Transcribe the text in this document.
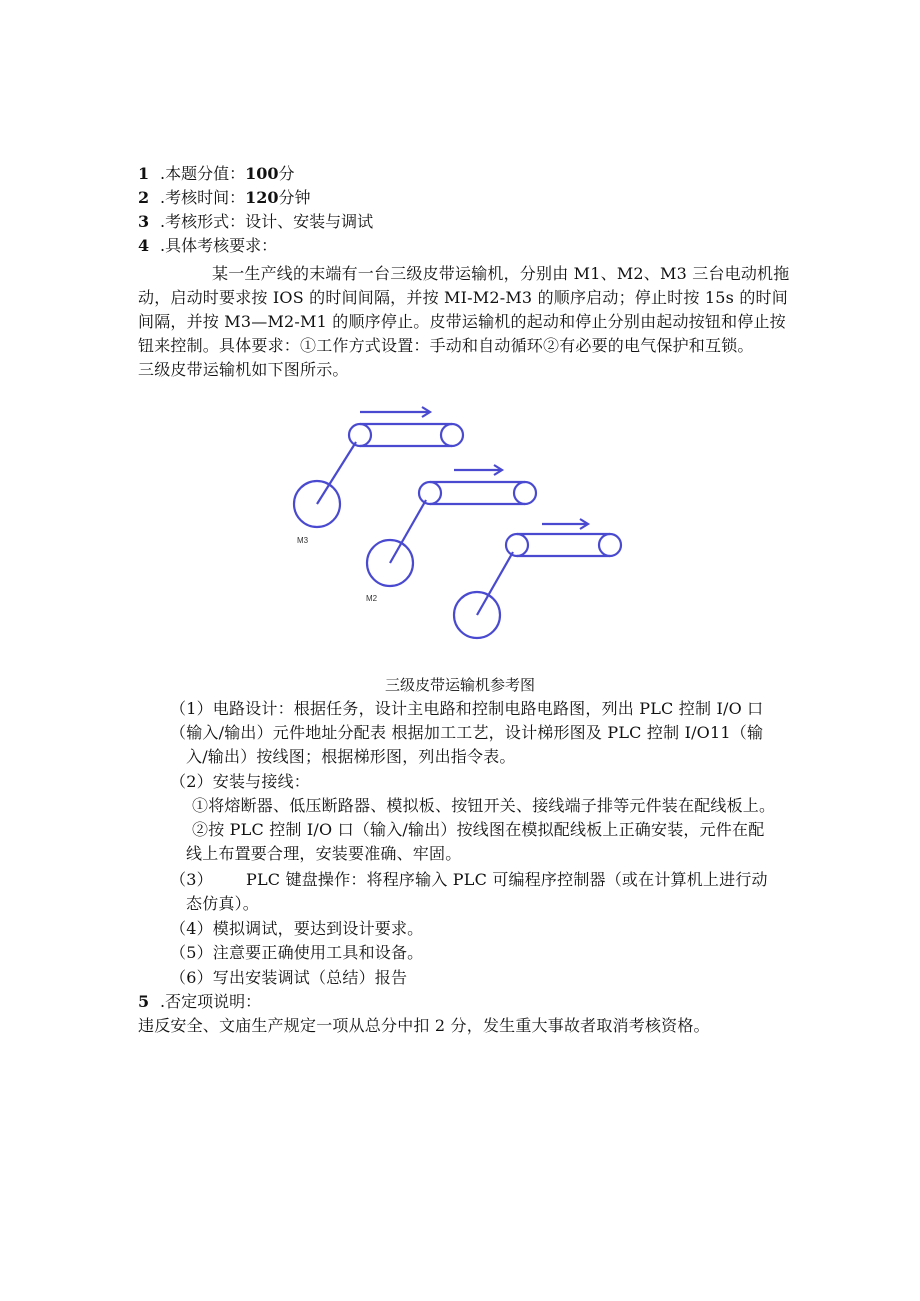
1 .本题分值：100分
2 .考核时间：120分钟
3 .考核形式：设计、安装与调试
4 .具体考核要求：
某一生产线的末端有一台三级皮带运输机，分别由 M1、M2、M3 三台电动机拖
动，启动时要求按 IOS 的时间间隔，并按 MI-M2-M3 的顺序启动；停止时按 15s 的时间
间隔，并按 M3—M2-M1 的顺序停止。皮带运输机的起动和停止分别由起动按钮和停止按
钮来控制。具体要求：①工作方式设置：手动和自动循环②有必要的电气保护和互锁。
三级皮带运输机如下图所示。
M3
M2
三级皮带运输机参考图
（1）电路设计：根据任务，设计主电路和控制电路电路图，列出 PLC 控制 I/O 口
（输入/输出）元件地址分配表 根据加工工艺，设计梯形图及 PLC 控制 I/O11（输
入/输出）按线图；根据梯形图，列出指令表。
（2）安装与接线：
①将熔断器、低压断路器、模拟板、按钮开关、接线端子排等元件装在配线板上。
②按 PLC 控制 I/O 口（输入/输出）按线图在模拟配线板上正确安装，元件在配
线上布置要合理，安装要准确、牢固。
（3） PLC 键盘操作：将程序输入 PLC 可编程序控制器（或在计算机上进行动
态仿真）。
（4）模拟调试，要达到设计要求。
（5）注意要正确使用工具和设备。
（6）写出安装调试（总结）报告
5 .否定项说明：
违反安全、文庙生产规定一项从总分中扣 2 分，发生重大事故者取消考核资格。
